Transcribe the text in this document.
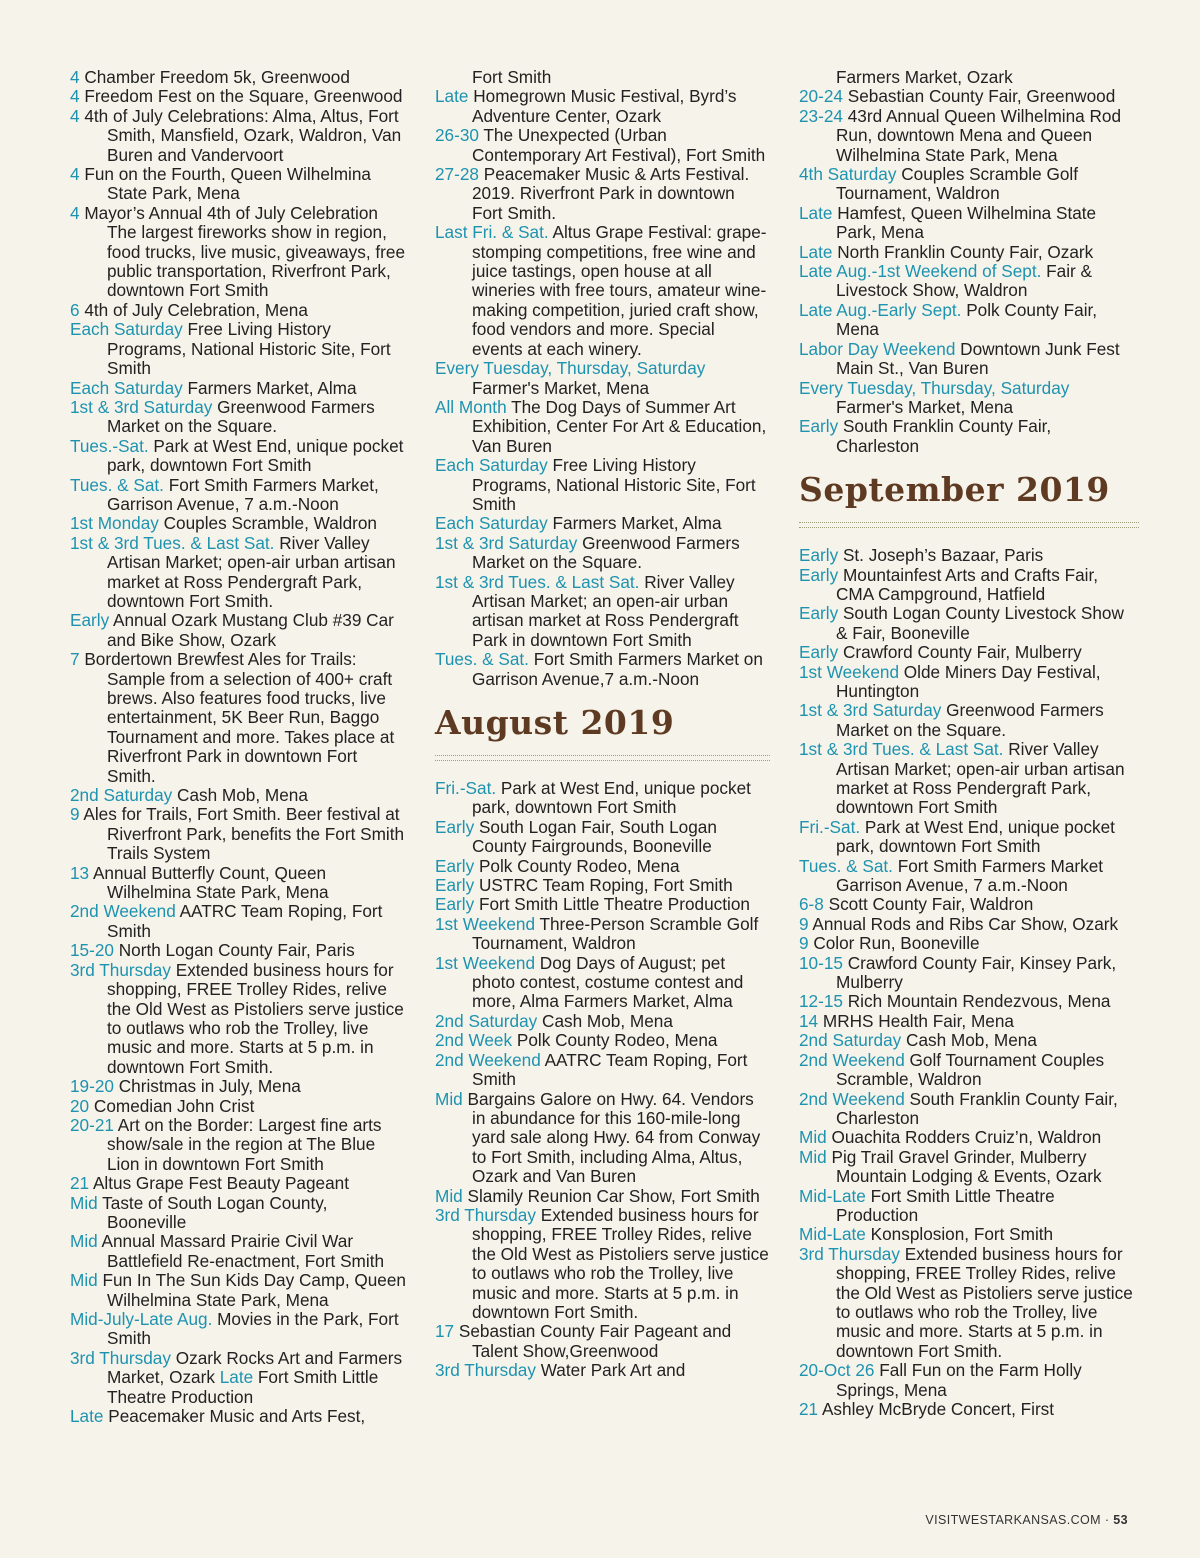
4 Chamber Freedom 5k, Greenwood
4 Freedom Fest on the Square, Greenwood
4 4th of July Celebrations: Alma, Altus, Fort Smith, Mansfield, Ozark, Waldron, Van Buren and Vandervoort
4 Fun on the Fourth, Queen Wilhelmina State Park, Mena
4 Mayor’s Annual 4th of July Celebration The largest fireworks show in region, food trucks, live music, giveaways, free public transportation, Riverfront Park, downtown Fort Smith
6 4th of July Celebration, Mena
Each Saturday Free Living History Programs, National Historic Site, Fort Smith
Each Saturday Farmers Market, Alma
1st & 3rd Saturday Greenwood Farmers Market on the Square.
Tues.-Sat. Park at West End, unique pocket park, downtown Fort Smith
Tues. & Sat. Fort Smith Farmers Market, Garrison Avenue, 7 a.m.-Noon
1st Monday Couples Scramble, Waldron
1st & 3rd Tues. & Last Sat. River Valley Artisan Market; open-air urban artisan market at Ross Pendergraft Park, downtown Fort Smith.
Early Annual Ozark Mustang Club #39 Car and Bike Show, Ozark
7 Bordertown Brewfest Ales for Trails: Sample from a selection of 400+ craft brews. Also features food trucks, live entertainment, 5K Beer Run, Baggo Tournament and more. Takes place at Riverfront Park in downtown Fort Smith.
2nd Saturday Cash Mob, Mena
9 Ales for Trails, Fort Smith. Beer festival at Riverfront Park, benefits the Fort Smith Trails System
13 Annual Butterfly Count, Queen Wilhelmina State Park, Mena
2nd Weekend AATRC Team Roping, Fort Smith
15-20 North Logan County Fair, Paris
3rd Thursday Extended business hours for shopping, FREE Trolley Rides, relive the Old West as Pistoliers serve justice to outlaws who rob the Trolley, live music and more. Starts at 5 p.m. in downtown Fort Smith.
19-20 Christmas in July, Mena
20 Comedian John Crist
20-21 Art on the Border: Largest fine arts show/sale in the region at The Blue Lion in downtown Fort Smith
21 Altus Grape Fest Beauty Pageant
Mid Taste of South Logan County, Booneville
Mid Annual Massard Prairie Civil War Battlefield Re-enactment, Fort Smith
Mid Fun In The Sun Kids Day Camp, Queen Wilhelmina State Park, Mena
Mid-July-Late Aug. Movies in the Park, Fort Smith
3rd Thursday Ozark Rocks Art and Farmers Market, Ozark Late Fort Smith Little Theatre Production
Late Peacemaker Music and Arts Fest,
Fort Smith
Late Homegrown Music Festival, Byrd’s Adventure Center, Ozark
26-30 The Unexpected (Urban Contemporary Art Festival), Fort Smith
27-28 Peacemaker Music & Arts Festival. 2019. Riverfront Park in downtown Fort Smith.
Last Fri. & Sat. Altus Grape Festival: grape-stomping competitions, free wine and juice tastings, open house at all wineries with free tours, amateur wine-making competition, juried craft show, food vendors and more. Special events at each winery.
Every Tuesday, Thursday, Saturday Farmer's Market, Mena
All Month The Dog Days of Summer Art Exhibition, Center For Art & Education, Van Buren
Each Saturday Free Living History Programs, National Historic Site, Fort Smith
Each Saturday Farmers Market, Alma
1st & 3rd Saturday Greenwood Farmers Market on the Square.
1st & 3rd Tues. & Last Sat. River Valley Artisan Market; an open-air urban artisan market at Ross Pendergraft Park in downtown Fort Smith
Tues. & Sat. Fort Smith Farmers Market on Garrison Avenue,7 a.m.-Noon
August 2019
Fri.-Sat. Park at West End, unique pocket park, downtown Fort Smith
Early South Logan Fair, South Logan County Fairgrounds, Booneville
Early Polk County Rodeo, Mena
Early USTRC Team Roping, Fort Smith
Early Fort Smith Little Theatre Production
1st Weekend Three-Person Scramble Golf Tournament, Waldron
1st Weekend Dog Days of August; pet photo contest, costume contest and more, Alma Farmers Market, Alma
2nd Saturday Cash Mob, Mena
2nd Week Polk County Rodeo, Mena
2nd Weekend AATRC Team Roping, Fort Smith
Mid Bargains Galore on Hwy. 64. Vendors in abundance for this 160-mile-long yard sale along Hwy. 64 from Conway to Fort Smith, including Alma, Altus, Ozark and Van Buren
Mid Slamily Reunion Car Show, Fort Smith
3rd Thursday Extended business hours for shopping, FREE Trolley Rides, relive the Old West as Pistoliers serve justice to outlaws who rob the Trolley, live music and more. Starts at 5 p.m. in downtown Fort Smith.
17 Sebastian County Fair Pageant and Talent Show,Greenwood
3rd Thursday Water Park Art and
Farmers Market, Ozark
20-24 Sebastian County Fair, Greenwood
23-24 43rd Annual Queen Wilhelmina Rod Run, downtown Mena and Queen Wilhelmina State Park, Mena
4th Saturday Couples Scramble Golf Tournament, Waldron
Late Hamfest, Queen Wilhelmina State Park, Mena
Late North Franklin County Fair, Ozark
Late Aug.-1st Weekend of Sept. Fair & Livestock Show, Waldron
Late Aug.-Early Sept. Polk County Fair, Mena
Labor Day Weekend Downtown Junk Fest Main St., Van Buren
Every Tuesday, Thursday, Saturday Farmer's Market, Mena
Early South Franklin County Fair, Charleston
September 2019
Early St. Joseph’s Bazaar, Paris
Early Mountainfest Arts and Crafts Fair, CMA Campground, Hatfield
Early South Logan County Livestock Show & Fair, Booneville
Early Crawford County Fair, Mulberry
1st Weekend Olde Miners Day Festival, Huntington
1st & 3rd Saturday Greenwood Farmers Market on the Square.
1st & 3rd Tues. & Last Sat. River Valley Artisan Market; open-air urban artisan market at Ross Pendergraft Park, downtown Fort Smith
Fri.-Sat. Park at West End, unique pocket park, downtown Fort Smith
Tues. & Sat. Fort Smith Farmers Market Garrison Avenue, 7 a.m.-Noon
6-8 Scott County Fair, Waldron
9 Annual Rods and Ribs Car Show, Ozark
9 Color Run, Booneville
10-15 Crawford County Fair, Kinsey Park, Mulberry
12-15 Rich Mountain Rendezvous, Mena
14 MRHS Health Fair, Mena
2nd Saturday Cash Mob, Mena
2nd Weekend Golf Tournament Couples Scramble, Waldron
2nd Weekend South Franklin County Fair, Charleston
Mid Ouachita Rodders Cruiz’n, Waldron
Mid Pig Trail Gravel Grinder, Mulberry Mountain Lodging & Events, Ozark
Mid-Late Fort Smith Little Theatre Production
Mid-Late Konsplosion, Fort Smith
3rd Thursday Extended business hours for shopping, FREE Trolley Rides, relive the Old West as Pistoliers serve justice to outlaws who rob the Trolley, live music and more. Starts at 5 p.m. in downtown Fort Smith.
20-Oct 26 Fall Fun on the Farm Holly Springs, Mena
21 Ashley McBryde Concert, First
VISITWESTARKANSAS.COM · 53
